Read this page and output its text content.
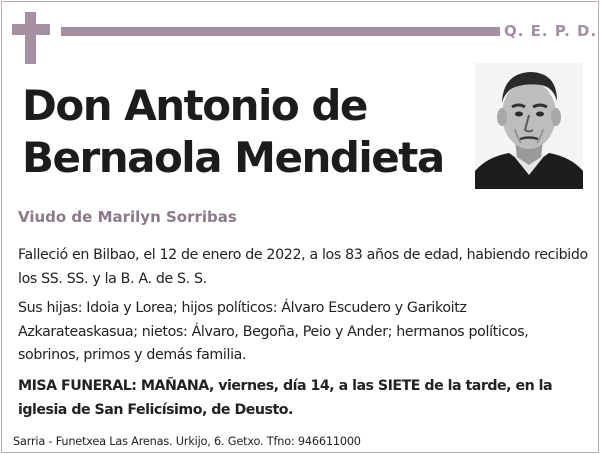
Q. E. P. D.
Don Antonio de
Bernaola Mendieta
Viudo de Marilyn Sorribas

Falleció en Bilbao, el 12 de enero de 2022, a los 83 años de edad, habiendo recibido los SS. SS. y la B. A. de S. S.

Sus hijas: Idoia y Lorea; hijos políticos: Álvaro Escudero y Garikoitz Azkarateaskasua; nietos: Álvaro, Begoña, Peio y Ander; hermanos políticos, sobrinos, primos y demás familia.

MISA FUNERAL: MAÑANA, viernes, día 14, a las SIETE de la tarde, en la iglesia de San Felicísimo, de Deusto.

Sarria - Funetxea Las Arenas. Urkijo, 6. Getxo. Tfno: 946611000
